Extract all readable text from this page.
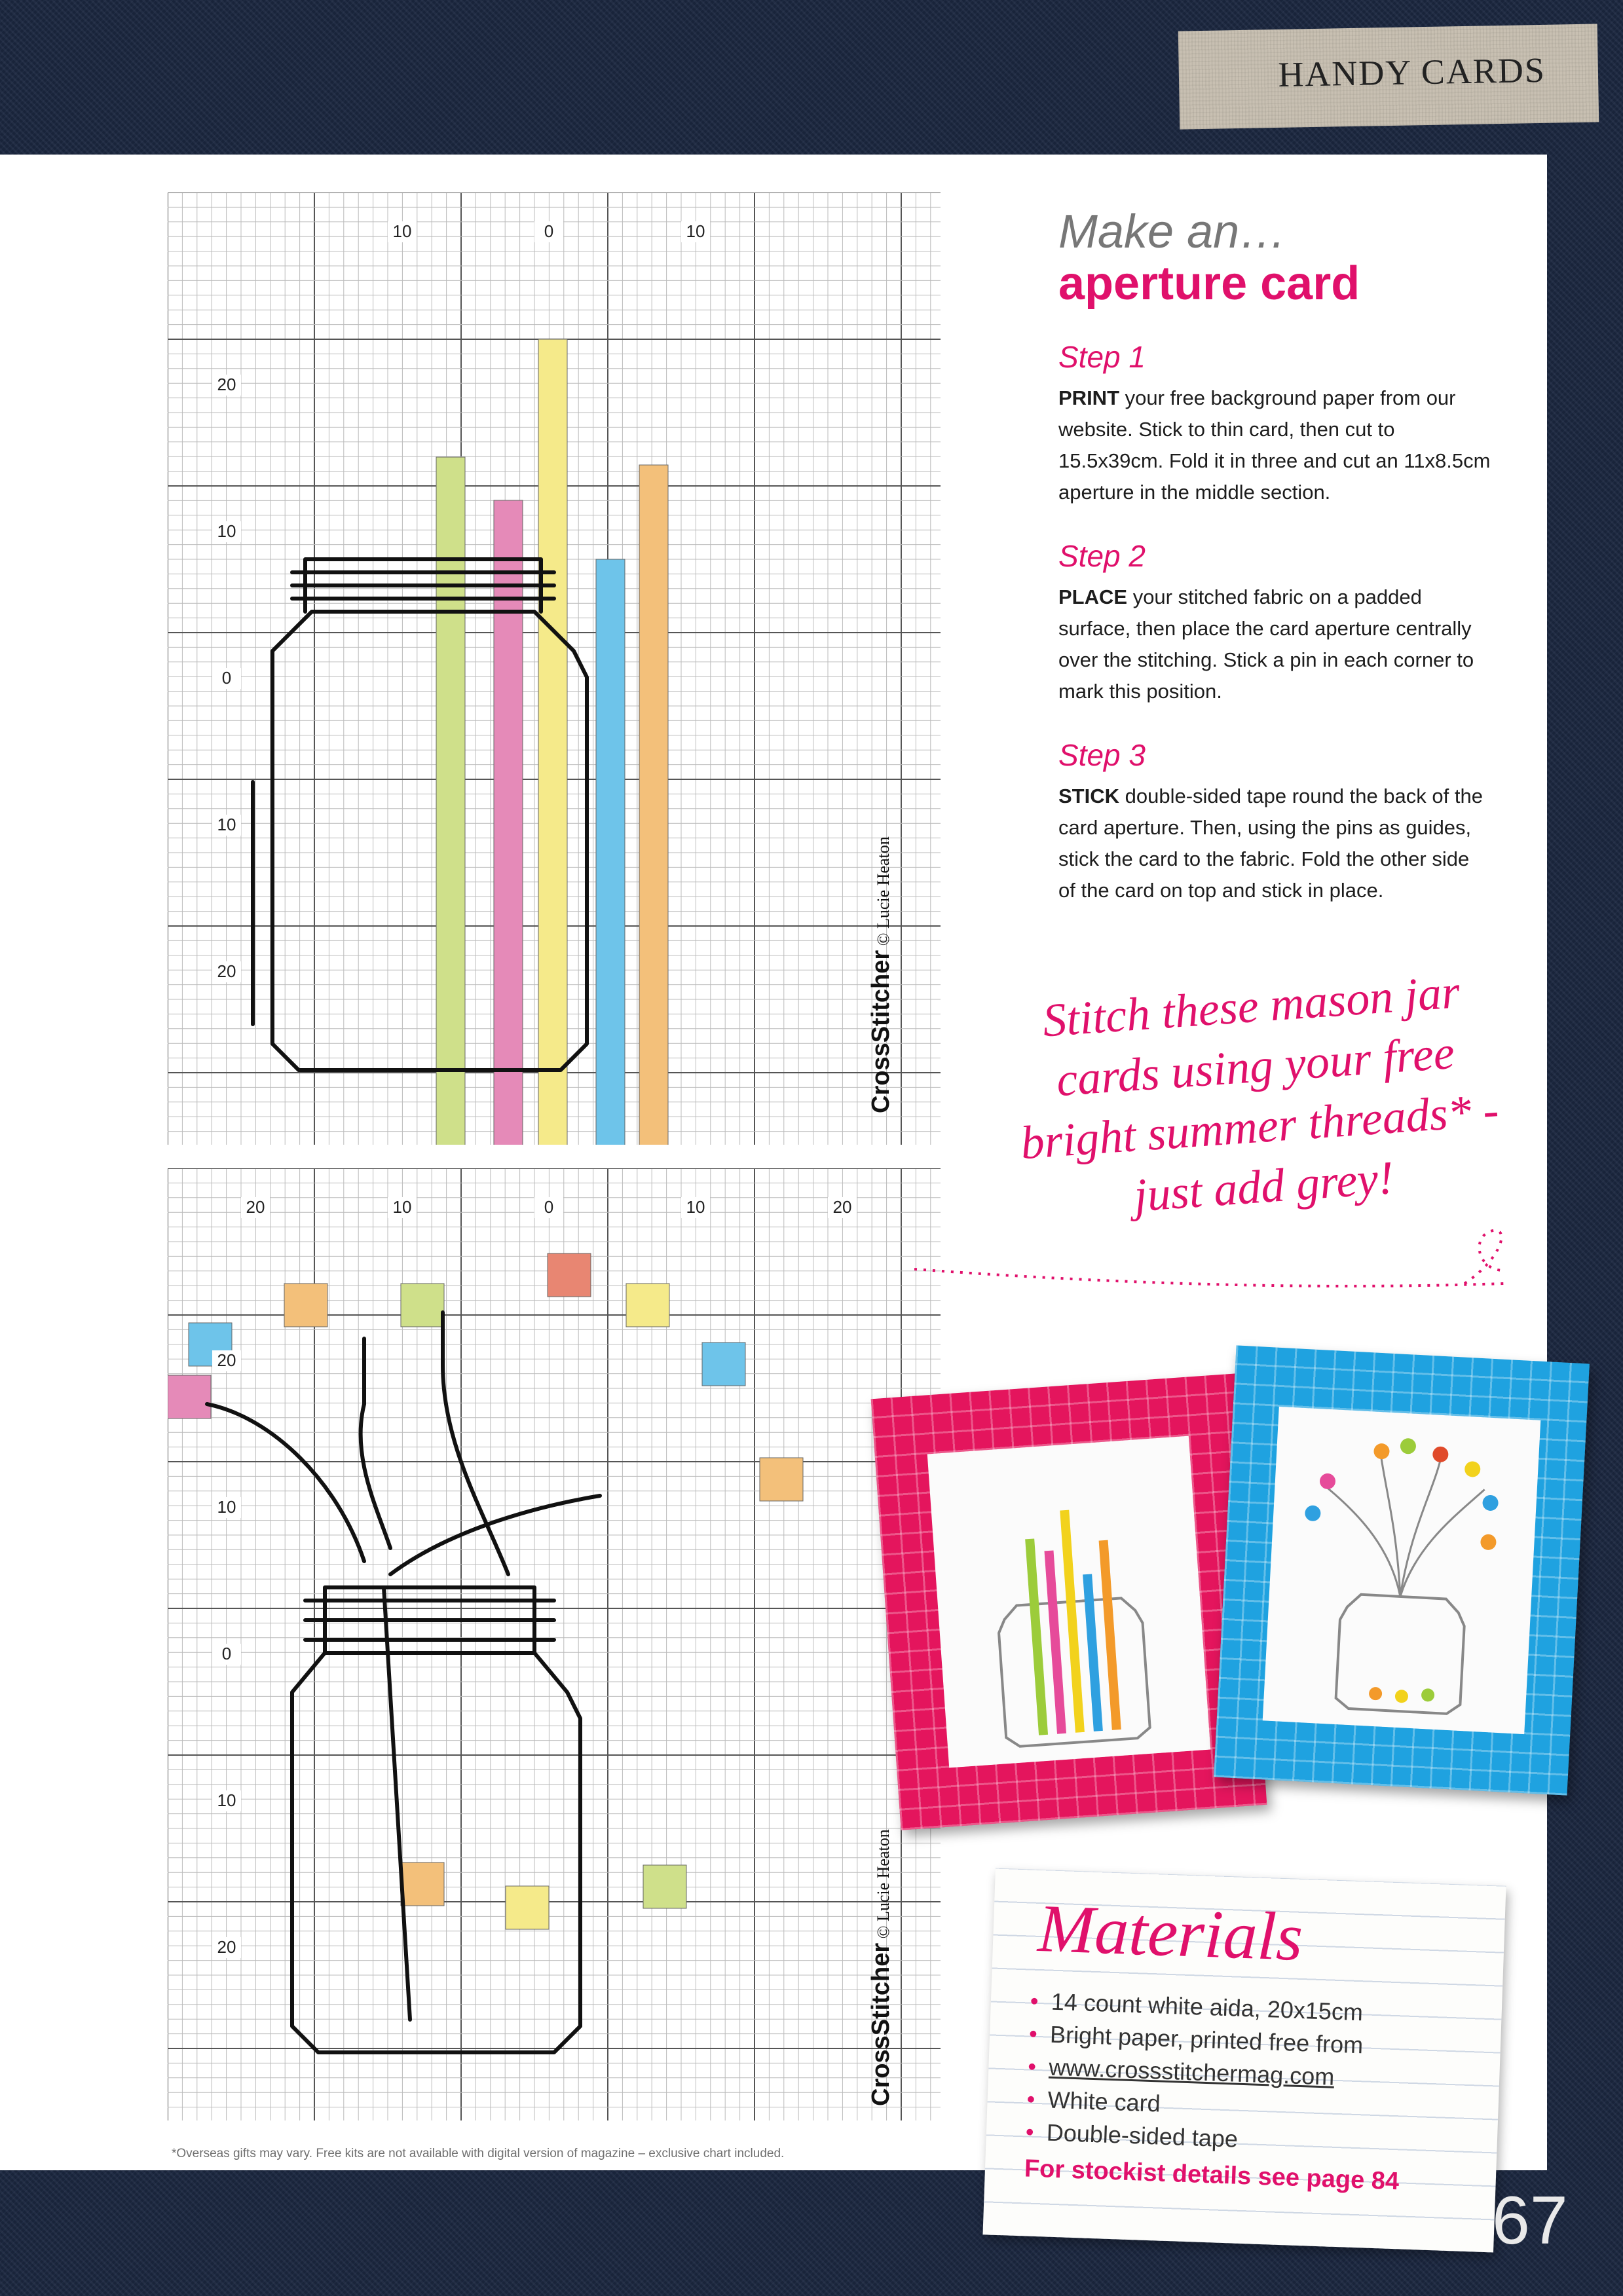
HANDY CARDS
10	0	10
20
10
0
10
20	CrossStitcher © Lucie Heaton
20	10	0	10	20
20
10
0
10
20	CrossStitcher © Lucie Heaton
Make an…
aperture card
Step 1
PRINT your free background paper from our website. Stick to thin card, then cut to 15.5x39cm. Fold it in three and cut an 11x8.5cm aperture in the middle section.
Step 2
PLACE your stitched fabric on a padded surface, then place the card aperture centrally over the stitching. Stick a pin in each corner to mark this position.
Step 3
STICK double-sided tape round the back of the card aperture. Then, using the pins as guides, stick the card to the fabric. Fold the other side of the card on top and stick in place.
Stitch these mason jar cards using your free bright summer threads* - just add grey!
Materials
• 14 count white aida, 20x15cm
• Bright paper, printed free from
• www.crossstitchermag.com
• White card
• Double-sided tape
For stockist details see page 84
*Overseas gifts may vary. Free kits are not available with digital version of magazine – exclusive chart included.
67
